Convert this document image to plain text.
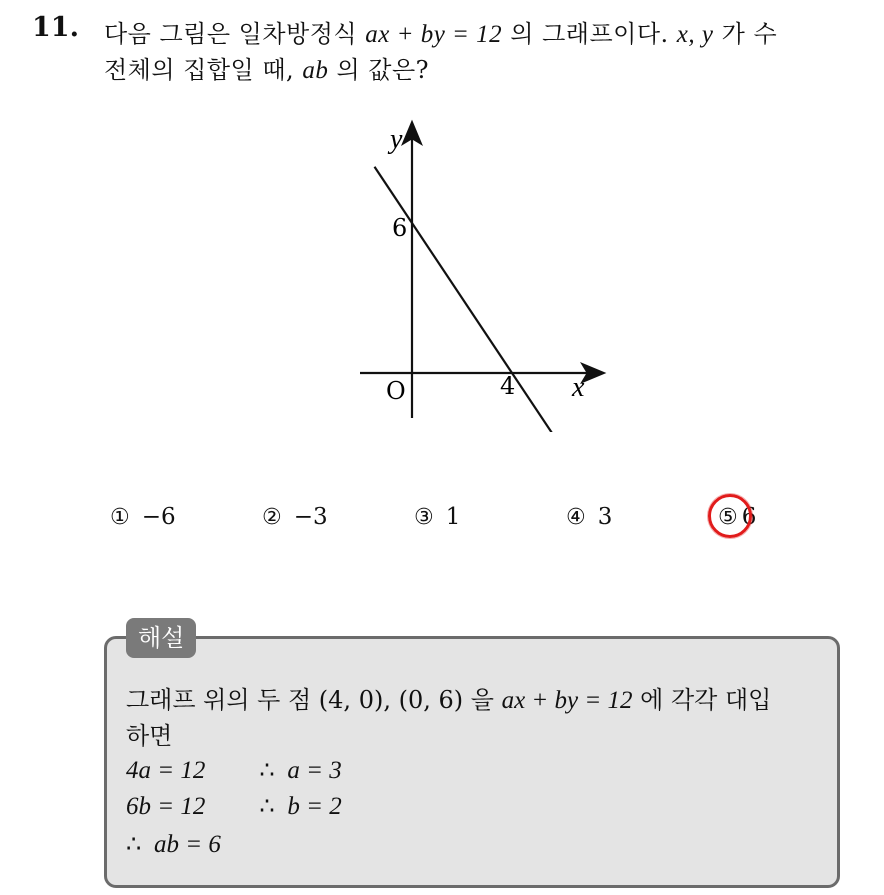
11. 다음 그림은 일차방정식 ax + by = 12 의 그래프이다. x, y 가 수
전체의 집합일 때, ab 의 값은?
y
x
O
6
4
① −6	② −3	③ 1	④ 3	⑤ 6
해설
그래프 위의 두 점 (4, 0), (0, 6) 을 ax + by = 12 에 각각 대입
하면
4a = 12 ∴ a = 3
6b = 12 ∴ b = 2
∴ ab = 6
